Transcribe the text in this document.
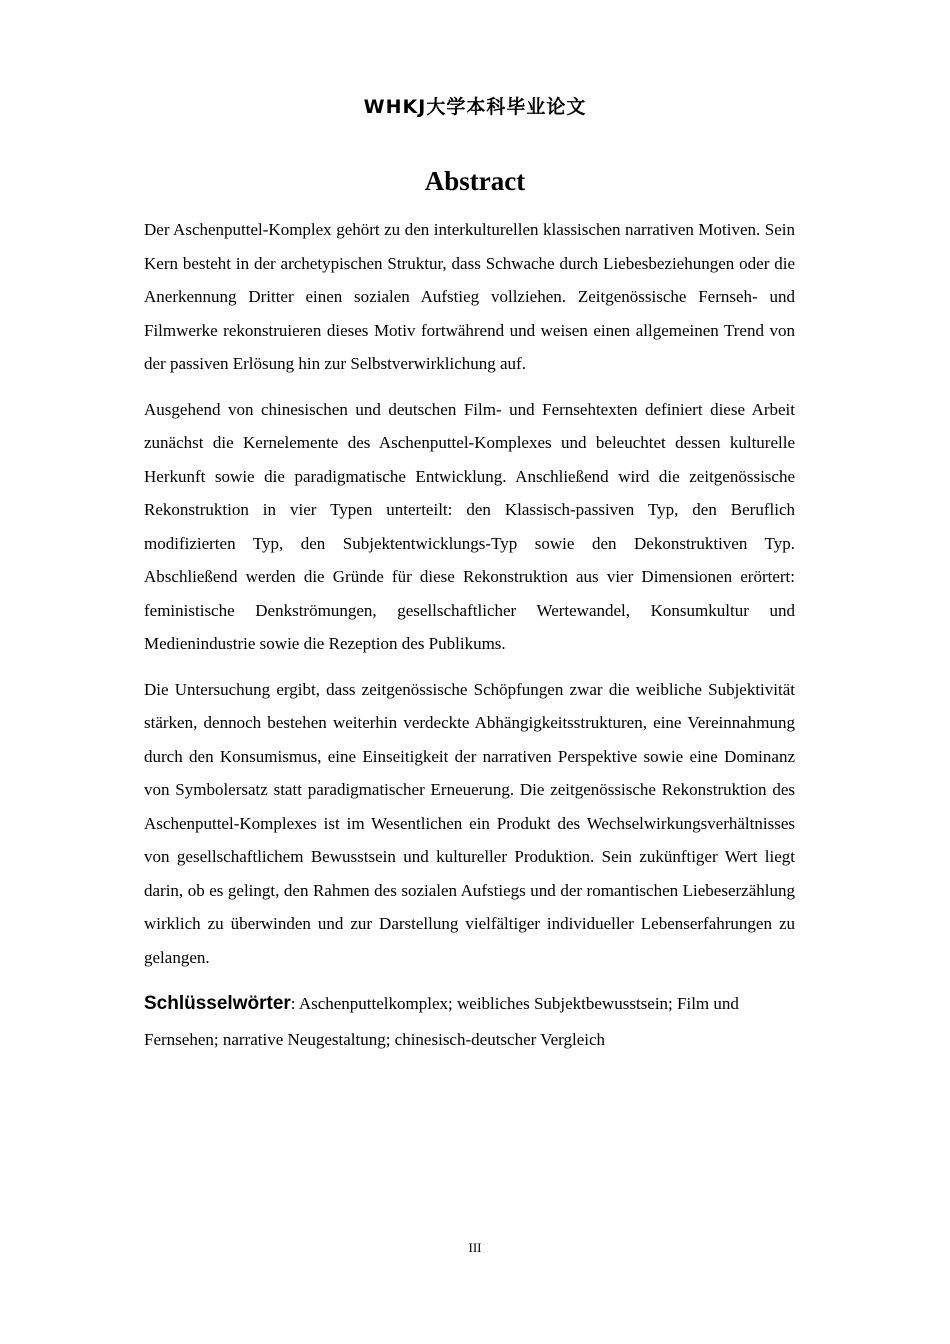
WHKJ大学本科毕业论文
Abstract

Der Aschenputtel-Komplex gehört zu den interkulturellen klassischen narrativen Motiven. Sein Kern besteht in der archetypischen Struktur, dass Schwache durch Liebesbeziehungen oder die Anerkennung Dritter einen sozialen Aufstieg vollziehen. Zeitgenössische Fernseh- und Filmwerke rekonstruieren dieses Motiv fortwährend und weisen einen allgemeinen Trend von der passiven Erlösung hin zur Selbstverwirklichung auf.

Ausgehend von chinesischen und deutschen Film- und Fernsehtexten definiert diese Arbeit zunächst die Kernelemente des Aschenputtel-Komplexes und beleuchtet dessen kulturelle Herkunft sowie die paradigmatische Entwicklung. Anschließend wird die zeitgenössische Rekonstruktion in vier Typen unterteilt: den Klassisch-passiven Typ, den Beruflich modifizierten Typ, den Subjektentwicklungs-Typ sowie den Dekonstruktiven Typ. Abschließend werden die Gründe für diese Rekonstruktion aus vier Dimensionen erörtert: feministische Denkströmungen, gesellschaftlicher Wertewandel, Konsumkultur und Medienindustrie sowie die Rezeption des Publikums.

Die Untersuchung ergibt, dass zeitgenössische Schöpfungen zwar die weibliche Subjektivität stärken, dennoch bestehen weiterhin verdeckte Abhängigkeitsstrukturen, eine Vereinnahmung durch den Konsumismus, eine Einseitigkeit der narrativen Perspektive sowie eine Dominanz von Symbolersatz statt paradigmatischer Erneuerung. Die zeitgenössische Rekonstruktion des Aschenputtel-Komplexes ist im Wesentlichen ein Produkt des Wechselwirkungsverhältnisses von gesellschaftlichem Bewusstsein und kultureller Produktion. Sein zukünftiger Wert liegt darin, ob es gelingt, den Rahmen des sozialen Aufstiegs und der romantischen Liebeserzählung wirklich zu überwinden und zur Darstellung vielfältiger individueller Lebenserfahrungen zu gelangen.

Schlüsselwörter: Aschenputtelkomplex; weibliches Subjektbewusstsein; Film und Fernsehen; narrative Neugestaltung; chinesisch-deutscher Vergleich

III
